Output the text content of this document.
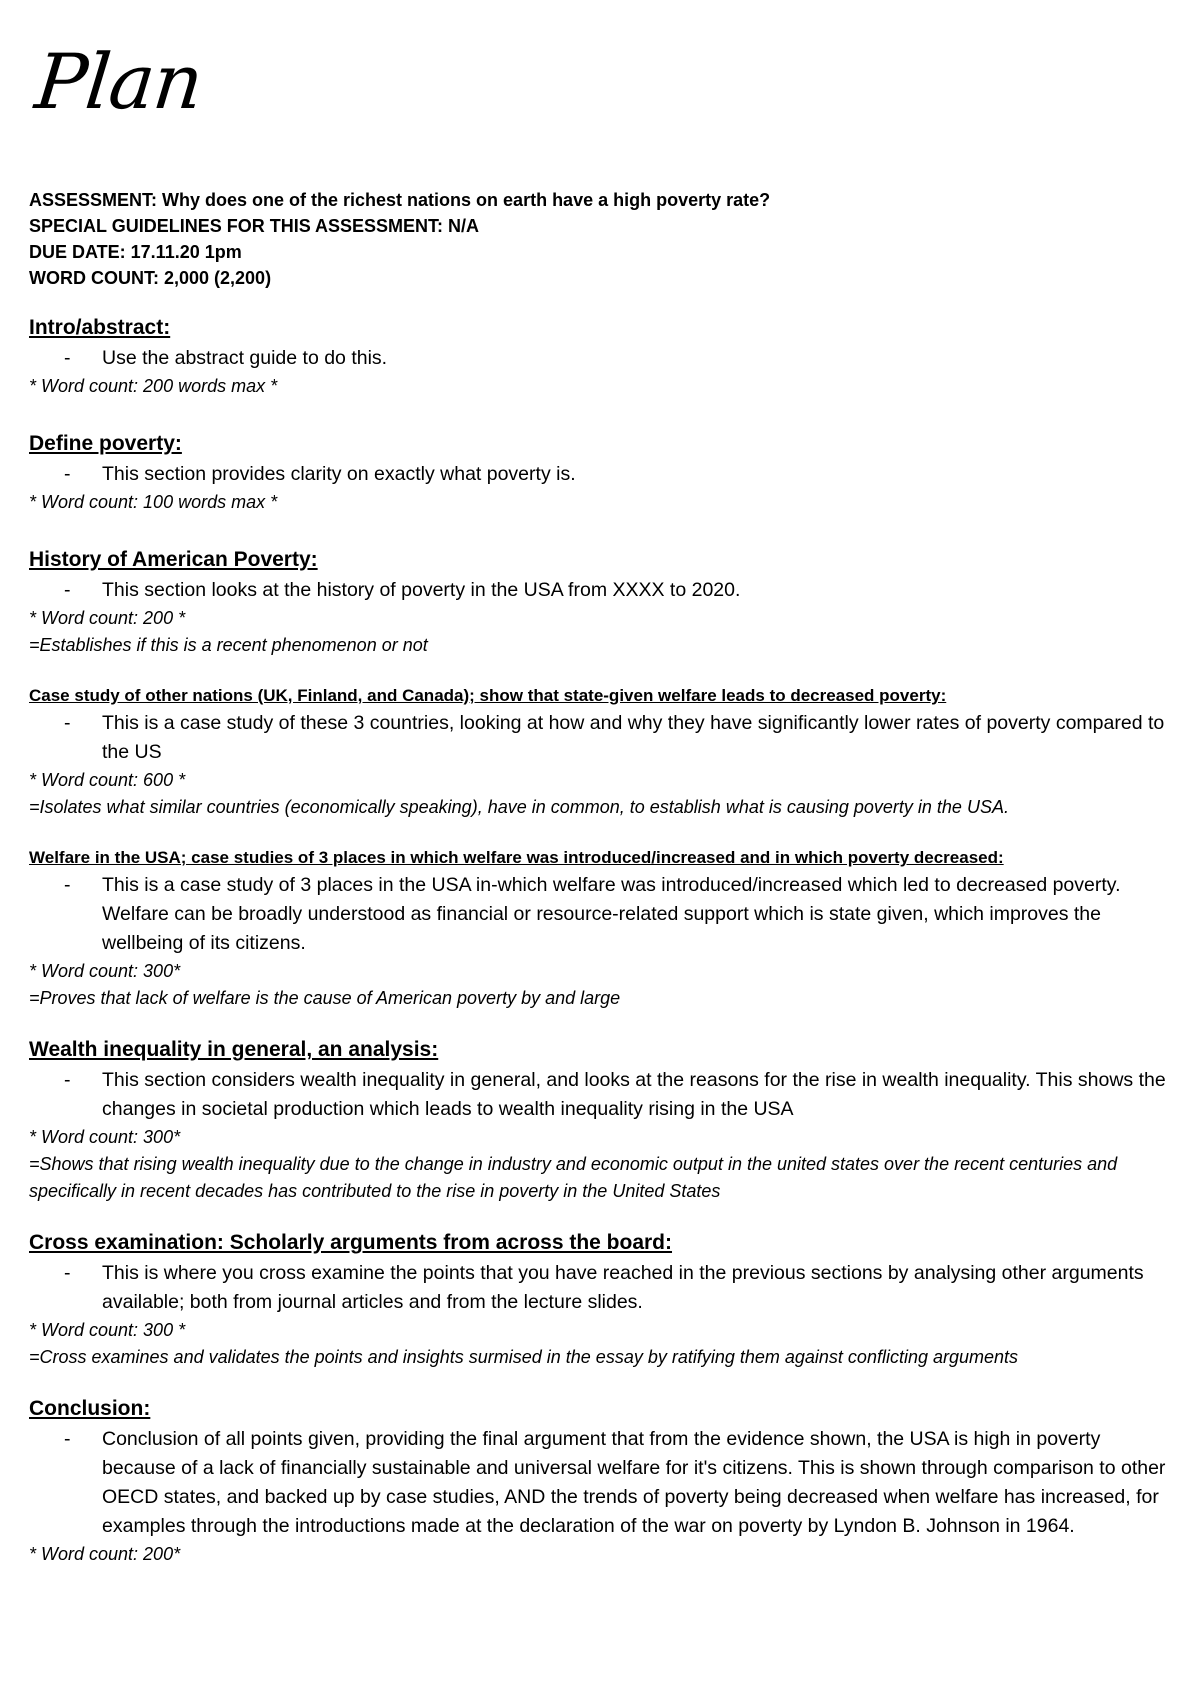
Plan
ASSESSMENT: Why does one of the richest nations on earth have a high poverty rate?
SPECIAL GUIDELINES FOR THIS ASSESSMENT: N/A
DUE DATE: 17.11.20 1pm
WORD COUNT: 2,000 (2,200)
Intro/abstract:
- Use the abstract guide to do this.
* Word count: 200 words max *
Define poverty:
- This section provides clarity on exactly what poverty is.
* Word count: 100 words max *
History of American Poverty:
- This section looks at the history of poverty in the USA from XXXX to 2020.
* Word count: 200 *
=Establishes if this is a recent phenomenon or not
Case study of other nations (UK, Finland, and Canada); show that state-given welfare leads to decreased poverty:
- This is a case study of these 3 countries, looking at how and why they have significantly lower rates of poverty compared to the US
* Word count: 600 *
=Isolates what similar countries (economically speaking), have in common, to establish what is causing poverty in the USA.
Welfare in the USA; case studies of 3 places in which welfare was introduced/increased and in which poverty decreased:
- This is a case study of 3 places in the USA in-which welfare was introduced/increased which led to decreased poverty. Welfare can be broadly understood as financial or resource-related support which is state given, which improves the wellbeing of its citizens.
* Word count: 300*
=Proves that lack of welfare is the cause of American poverty by and large
Wealth inequality in general, an analysis:
- This section considers wealth inequality in general, and looks at the reasons for the rise in wealth inequality. This shows the changes in societal production which leads to wealth inequality rising in the USA
* Word count: 300*
=Shows that rising wealth inequality due to the change in industry and economic output in the united states over the recent centuries and specifically in recent decades has contributed to the rise in poverty in the United States
Cross examination: Scholarly arguments from across the board:
- This is where you cross examine the points that you have reached in the previous sections by analysing other arguments available; both from journal articles and from the lecture slides.
* Word count: 300 *
=Cross examines and validates the points and insights surmised in the essay by ratifying them against conflicting arguments
Conclusion:
- Conclusion of all points given, providing the final argument that from the evidence shown, the USA is high in poverty because of a lack of financially sustainable and universal welfare for it's citizens. This is shown through comparison to other OECD states, and backed up by case studies, AND the trends of poverty being decreased when welfare has increased, for examples through the introductions made at the declaration of the war on poverty by Lyndon B. Johnson in 1964.
* Word count: 200*
